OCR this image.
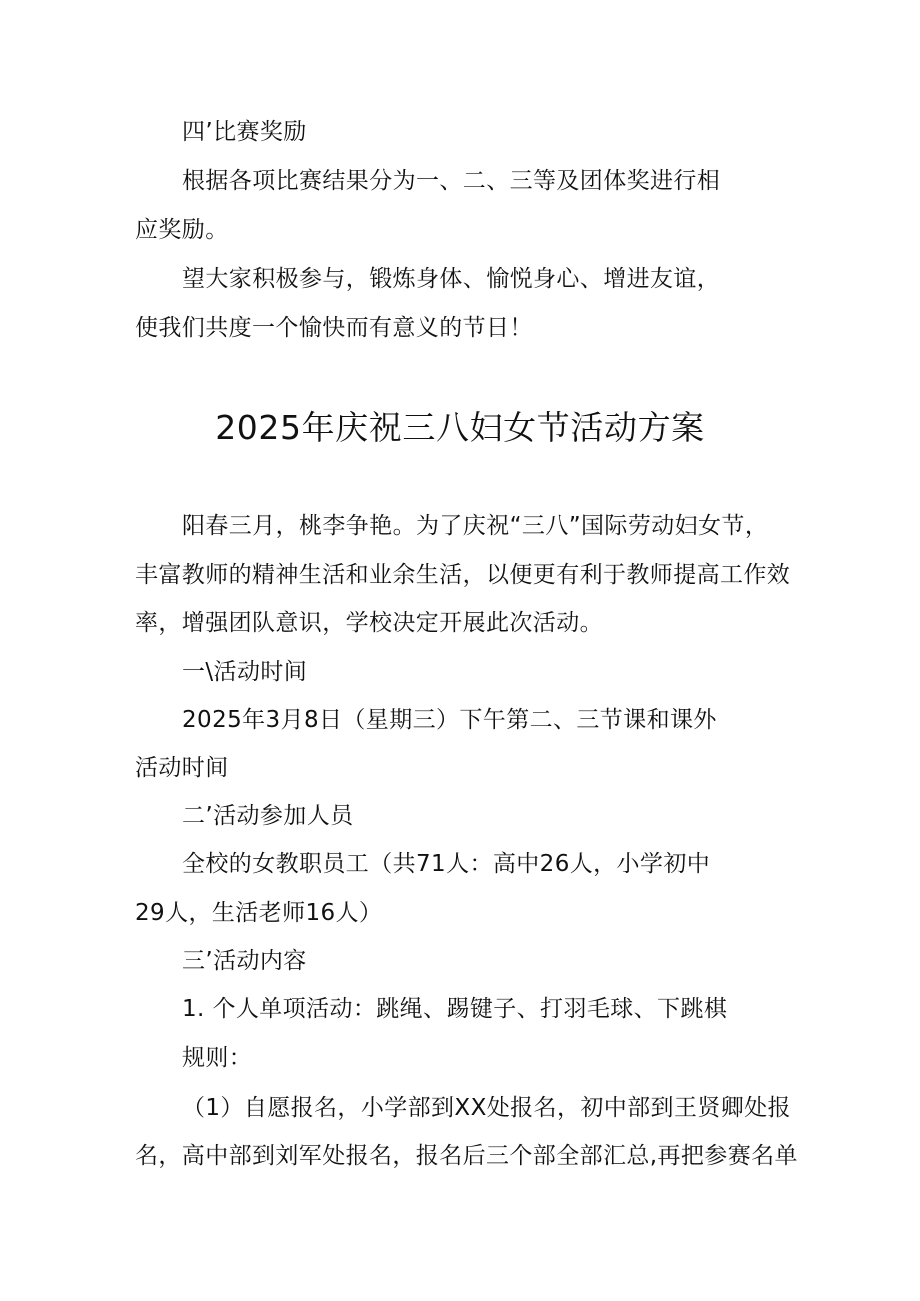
四’比赛奖励
根据各项比赛结果分为一、二、三等及团体奖进行相
应奖励。
望大家积极参与，锻炼身体、愉悦身心、增进友谊，
使我们共度一个愉快而有意义的节日！
2025年庆祝三八妇女节活动方案
阳春三月，桃李争艳。为了庆祝“三八”国际劳动妇女节，
丰富教师的精神生活和业余生活，以便更有利于教师提高工作效
率，增强团队意识，学校决定开展此次活动。
一\活动时间
2025年3月8日（星期三）下午第二、三节课和课外
活动时间
二’活动参加人员
全校的女教职员工（共71人：高中26人，小学初中
29人，生活老师16人）
三’活动内容
1. 个人单项活动：跳绳、踢键子、打羽毛球、下跳棋
规则：
（1）自愿报名，小学部到XX处报名，初中部到王贤卿处报
名，高中部到刘军处报名，报名后三个部全部汇总,再把参赛名单
